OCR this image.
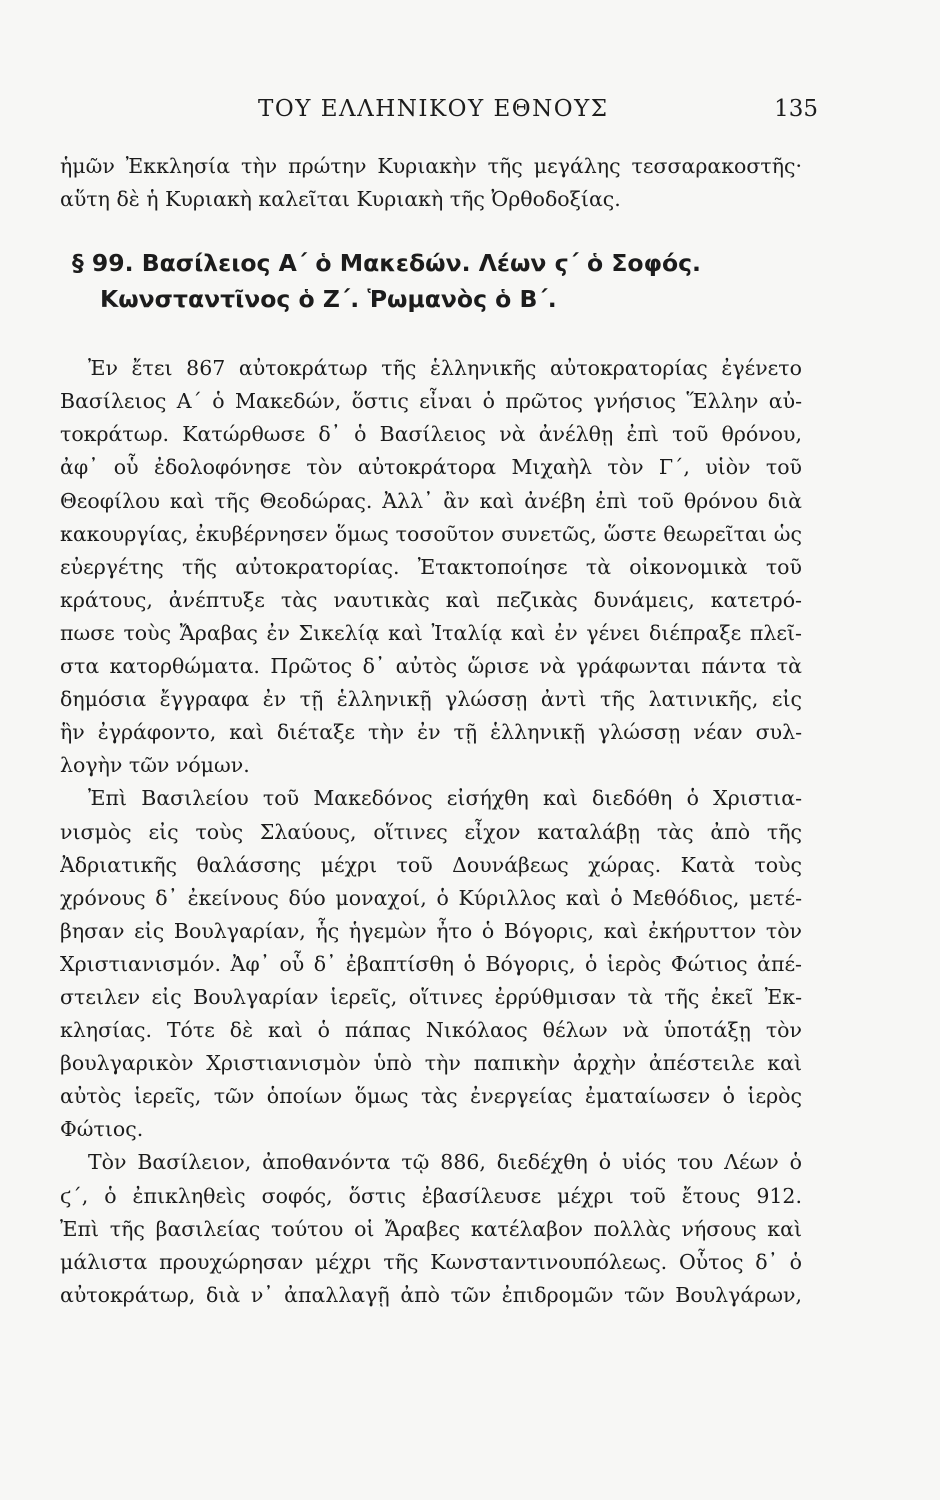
ΤΟΥ ΕΛΛΗΝΙΚΟΥ ΕΘΝΟΥΣ	135
ἡμῶν Ἐκκλησία τὴν πρώτην Κυριακὴν τῆς μεγάλης τεσσαρακοστῆς·
αὕτη δὲ ἡ Κυριακὴ καλεῖται Κυριακὴ τῆς Ὀρθοδοξίας.
§ 99. Βασίλειος Α΄ ὁ Μακεδών. Λέων ϛ΄ ὁ Σοφός.
Κωνσταντῖνος ὁ Ζ΄. Ῥωμανὸς ὁ Β΄.
Ἐν ἔτει 867 αὐτοκράτωρ τῆς ἑλληνικῆς αὐτοκρατορίας ἐγένετο
Βασίλειος Α΄ ὁ Μακεδών, ὅστις εἶναι ὁ πρῶτος γνήσιος Ἕλλην αὐ-
τοκράτωρ. Κατώρθωσε δ᾽ ὁ Βασίλειος νὰ ἀνέλθῃ ἐπὶ τοῦ θρόνου,
ἀφ᾽ οὗ ἐδολοφόνησε τὸν αὐτοκράτορα Μιχαὴλ τὸν Γ΄, υἱὸν τοῦ
Θεοφίλου καὶ τῆς Θεοδώρας. Ἀλλ᾽ ἂν καὶ ἀνέβη ἐπὶ τοῦ θρόνου διὰ
κακουργίας, ἐκυβέρνησεν ὅμως τοσοῦτον συνετῶς, ὥστε θεωρεῖται ὡς
εὐεργέτης τῆς αὐτοκρατορίας. Ἐτακτοποίησε τὰ οἰκονομικὰ τοῦ
κράτους, ἀνέπτυξε τὰς ναυτικὰς καὶ πεζικὰς δυνάμεις, κατετρό-
πωσε τοὺς Ἄραβας ἐν Σικελίᾳ καὶ Ἰταλίᾳ καὶ ἐν γένει διέπραξε πλεῖ-
στα κατορθώματα. Πρῶτος δ᾽ αὐτὸς ὥρισε νὰ γράφωνται πάντα τὰ
δημόσια ἔγγραφα ἐν τῇ ἑλληνικῇ γλώσσῃ ἀντὶ τῆς λατινικῆς, εἰς
ἣν ἐγράφοντο, καὶ διέταξε τὴν ἐν τῇ ἑλληνικῇ γλώσσῃ νέαν συλ-
λογὴν τῶν νόμων.
Ἐπὶ Βασιλείου τοῦ Μακεδόνος εἰσήχθη καὶ διεδόθη ὁ Χριστια-
νισμὸς εἰς τοὺς Σλαύους, οἵτινες εἶχον καταλάβῃ τὰς ἀπὸ τῆς
Ἀδριατικῆς θαλάσσης μέχρι τοῦ Δουνάβεως χώρας. Κατὰ τοὺς
χρόνους δ᾽ ἐκείνους δύο μοναχοί, ὁ Κύριλλος καὶ ὁ Μεθόδιος, μετέ-
βησαν εἰς Βουλγαρίαν, ἧς ἡγεμὼν ἦτο ὁ Βόγορις, καὶ ἐκήρυττον τὸν
Χριστιανισμόν. Ἀφ᾽ οὗ δ᾽ ἐβαπτίσθη ὁ Βόγορις, ὁ ἱερὸς Φώτιος ἀπέ-
στειλεν εἰς Βουλγαρίαν ἱερεῖς, οἵτινες ἐρρύθμισαν τὰ τῆς ἐκεῖ Ἐκ-
κλησίας. Τότε δὲ καὶ ὁ πάπας Νικόλαος θέλων νὰ ὑποτάξῃ τὸν
βουλγαρικὸν Χριστιανισμὸν ὑπὸ τὴν παπικὴν ἀρχὴν ἀπέστειλε καὶ
αὐτὸς ἱερεῖς, τῶν ὁποίων ὅμως τὰς ἐνεργείας ἐματαίωσεν ὁ ἱερὸς
Φώτιος.
Τὸν Βασίλειον, ἀποθανόντα τῷ 886, διεδέχθη ὁ υἱός του Λέων ὁ
ϛ΄, ὁ ἐπικληθεὶς σοφός, ὅστις ἐβασίλευσε μέχρι τοῦ ἔτους 912.
Ἐπὶ τῆς βασιλείας τούτου οἱ Ἄραβες κατέλαβον πολλὰς νήσους καὶ
μάλιστα προυχώρησαν μέχρι τῆς Κωνσταντινουπόλεως. Οὗτος δ᾽ ὁ
αὐτοκράτωρ, διὰ ν᾽ ἀπαλλαγῇ ἀπὸ τῶν ἐπιδρομῶν τῶν Βουλγάρων,
